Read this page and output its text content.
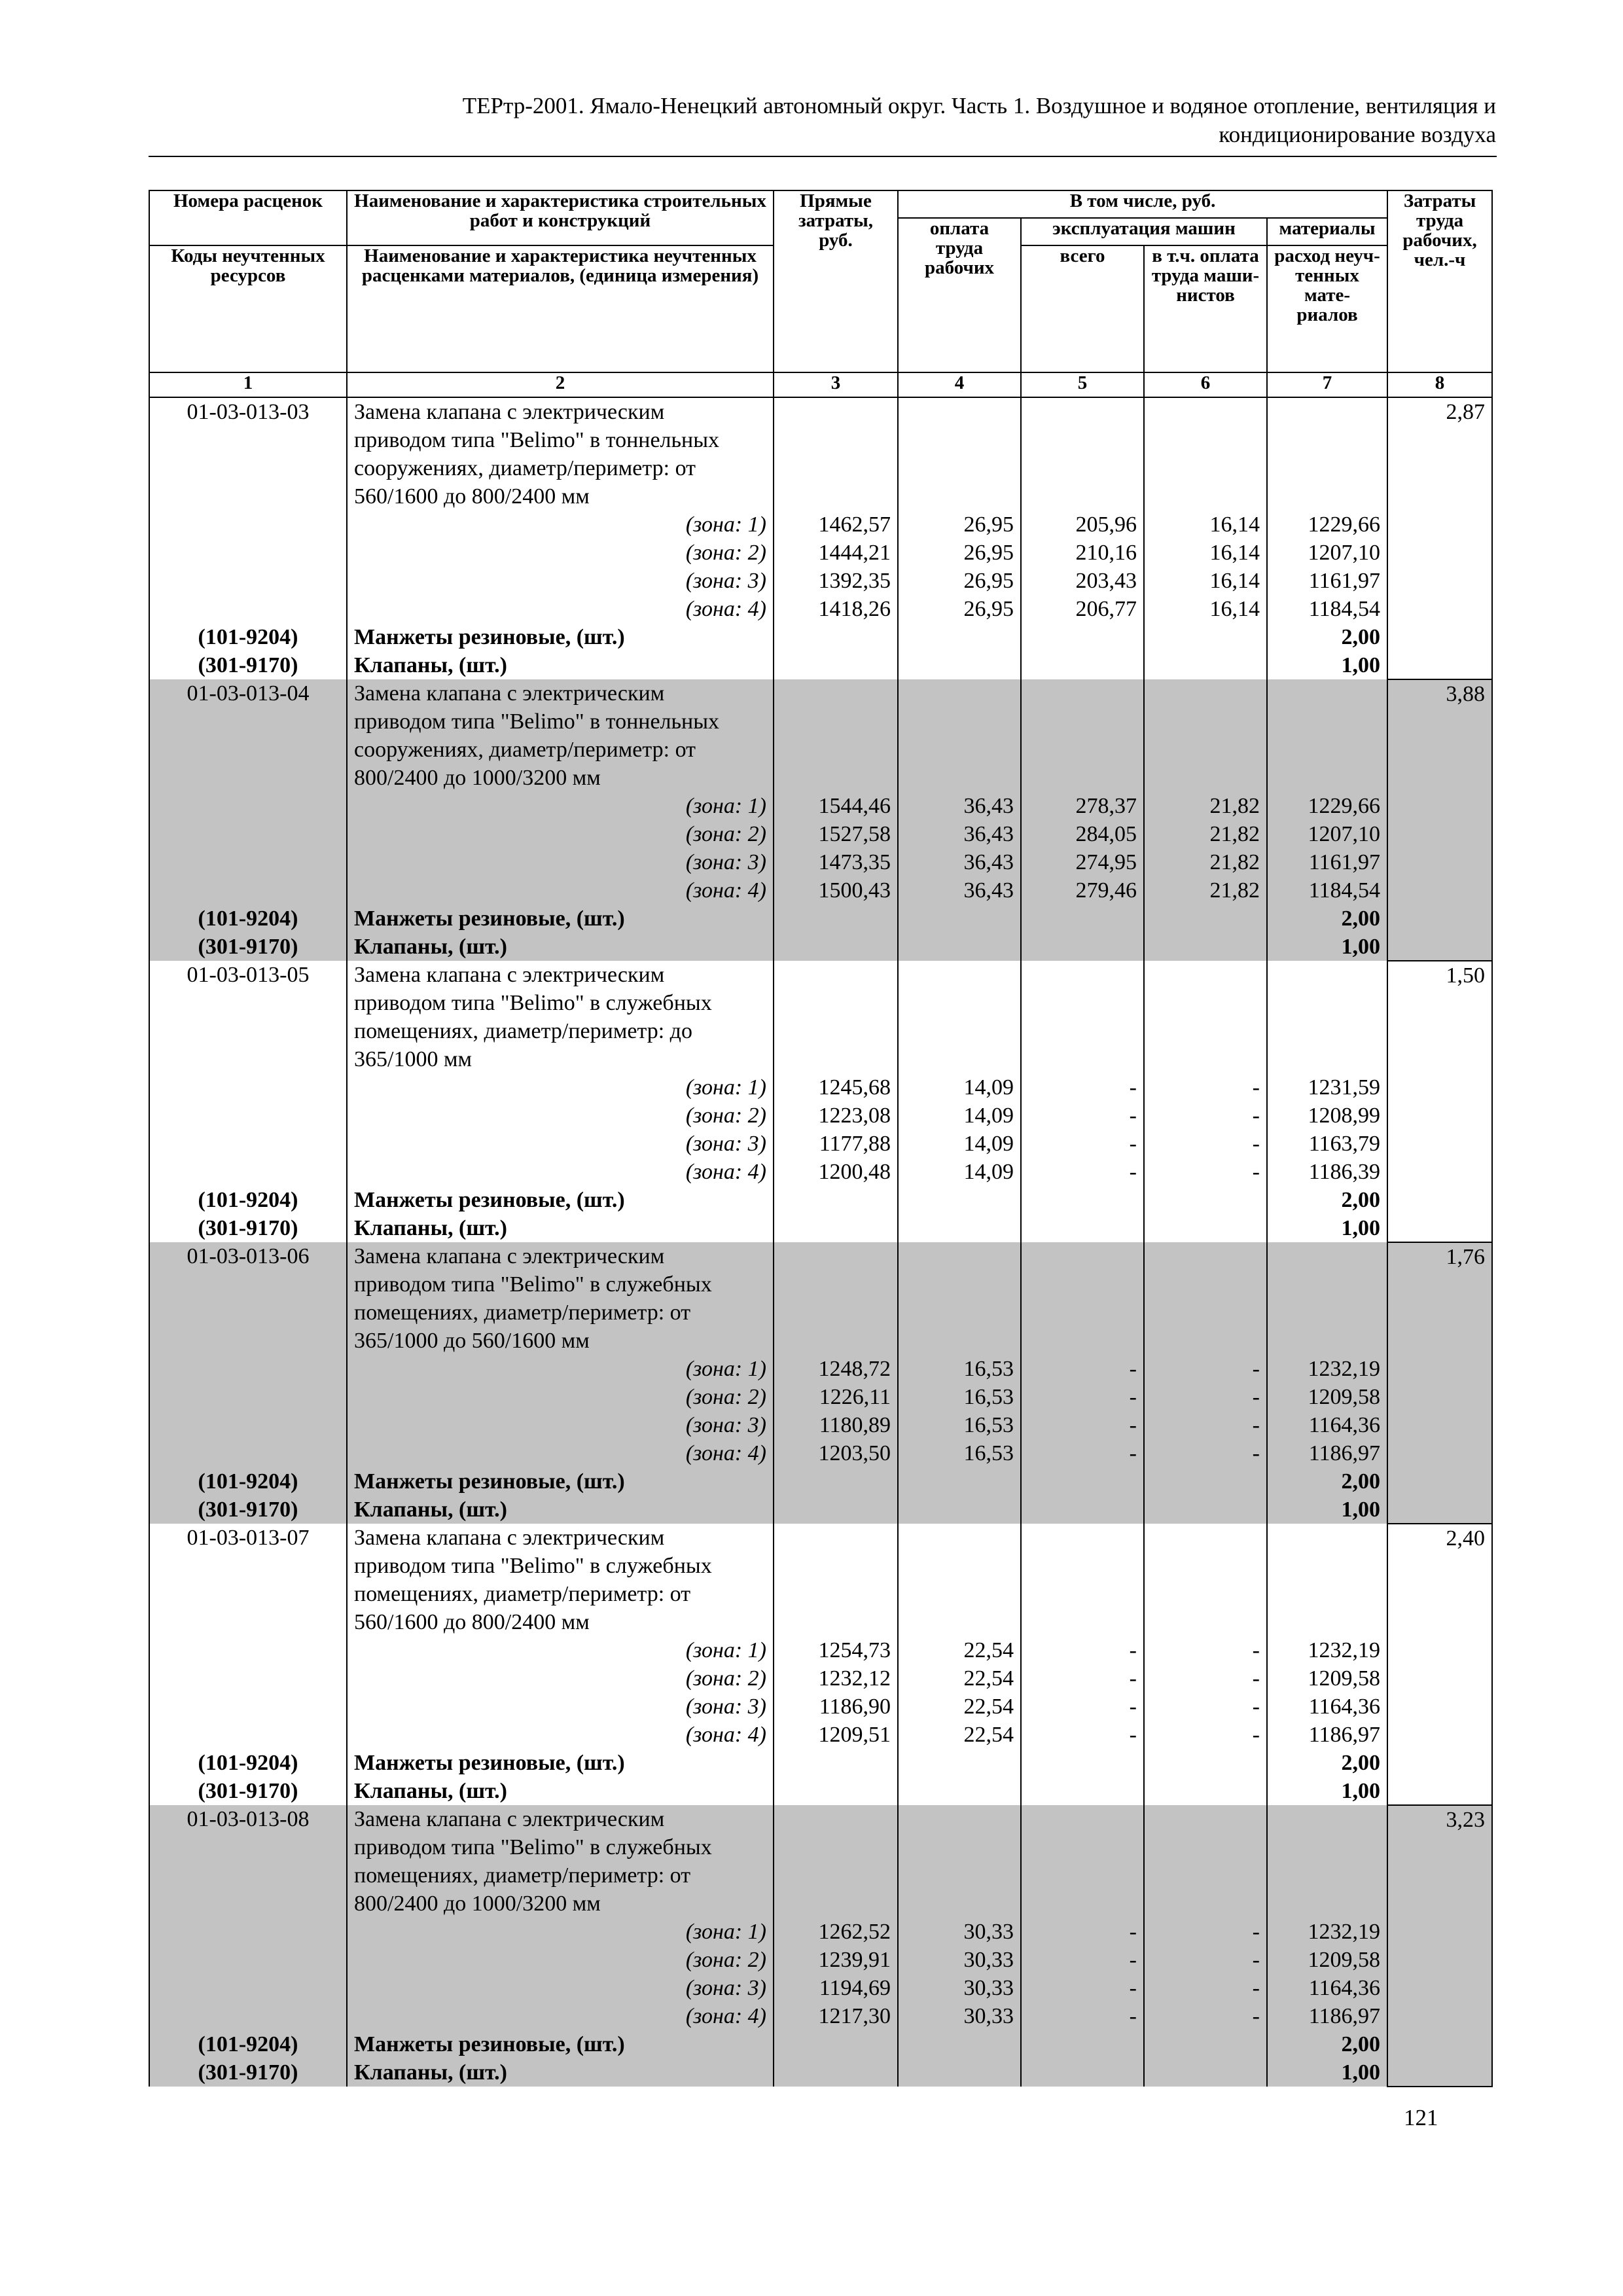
ТЕРтр-2001. Ямало-Ненецкий автономный округ. Часть 1. Воздушное и водяное отопление, вентиляция и
кондиционирование воздуха
Номера расценок	Наименование и характеристика строительных работ и конструкций	Прямые затраты, руб.	В том числе, руб.				Затраты труда рабочих, чел.-ч
			оплата труда рабочих	эксплуатация машин		материалы	
Коды неучтенных ресурсов	Наименование и характеристика неучтенных расценками материалов, (единица измерения)			всего	в т.ч. оплата труда маши-нистов	расход неуч-тенных мате-риалов	
1	2	3	4	5	6	7	8
01-03-013-03	Замена клапана с электрическим						2,87
	приводом типа "Belimo" в тоннельных						
	сооружениях, диаметр/периметр: от						
	560/1600 до 800/2400 мм						
	(зона: 1)	1462,57	26,95	205,96	16,14	1229,66	
	(зона: 2)	1444,21	26,95	210,16	16,14	1207,10	
	(зона: 3)	1392,35	26,95	203,43	16,14	1161,97	
	(зона: 4)	1418,26	26,95	206,77	16,14	1184,54	
(101-9204)	Манжеты резиновые, (шт.)					2,00	
(301-9170)	Клапаны, (шт.)					1,00	
01-03-013-04	Замена клапана с электрическим						3,88
	приводом типа "Belimo" в тоннельных						
	сооружениях, диаметр/периметр: от						
	800/2400 до 1000/3200 мм						
	(зона: 1)	1544,46	36,43	278,37	21,82	1229,66	
	(зона: 2)	1527,58	36,43	284,05	21,82	1207,10	
	(зона: 3)	1473,35	36,43	274,95	21,82	1161,97	
	(зона: 4)	1500,43	36,43	279,46	21,82	1184,54	
(101-9204)	Манжеты резиновые, (шт.)					2,00	
(301-9170)	Клапаны, (шт.)					1,00	
01-03-013-05	Замена клапана с электрическим						1,50
	приводом типа "Belimo" в служебных						
	помещениях, диаметр/периметр: до						
	365/1000 мм						
	(зона: 1)	1245,68	14,09	-	-	1231,59	
	(зона: 2)	1223,08	14,09	-	-	1208,99	
	(зона: 3)	1177,88	14,09	-	-	1163,79	
	(зона: 4)	1200,48	14,09	-	-	1186,39	
(101-9204)	Манжеты резиновые, (шт.)					2,00	
(301-9170)	Клапаны, (шт.)					1,00	
01-03-013-06	Замена клапана с электрическим						1,76
	приводом типа "Belimo" в служебных						
	помещениях, диаметр/периметр: от						
	365/1000 до 560/1600 мм						
	(зона: 1)	1248,72	16,53	-	-	1232,19	
	(зона: 2)	1226,11	16,53	-	-	1209,58	
	(зона: 3)	1180,89	16,53	-	-	1164,36	
	(зона: 4)	1203,50	16,53	-	-	1186,97	
(101-9204)	Манжеты резиновые, (шт.)					2,00	
(301-9170)	Клапаны, (шт.)					1,00	
01-03-013-07	Замена клапана с электрическим						2,40
	приводом типа "Belimo" в служебных						
	помещениях, диаметр/периметр: от						
	560/1600 до 800/2400 мм						
	(зона: 1)	1254,73	22,54	-	-	1232,19	
	(зона: 2)	1232,12	22,54	-	-	1209,58	
	(зона: 3)	1186,90	22,54	-	-	1164,36	
	(зона: 4)	1209,51	22,54	-	-	1186,97	
(101-9204)	Манжеты резиновые, (шт.)					2,00	
(301-9170)	Клапаны, (шт.)					1,00	
01-03-013-08	Замена клапана с электрическим						3,23
	приводом типа "Belimo" в служебных						
	помещениях, диаметр/периметр: от						
	800/2400 до 1000/3200 мм						
	(зона: 1)	1262,52	30,33	-	-	1232,19	
	(зона: 2)	1239,91	30,33	-	-	1209,58	
	(зона: 3)	1194,69	30,33	-	-	1164,36	
	(зона: 4)	1217,30	30,33	-	-	1186,97	
(101-9204)	Манжеты резиновые, (шт.)					2,00	
(301-9170)	Клапаны, (шт.)					1,00	
121
